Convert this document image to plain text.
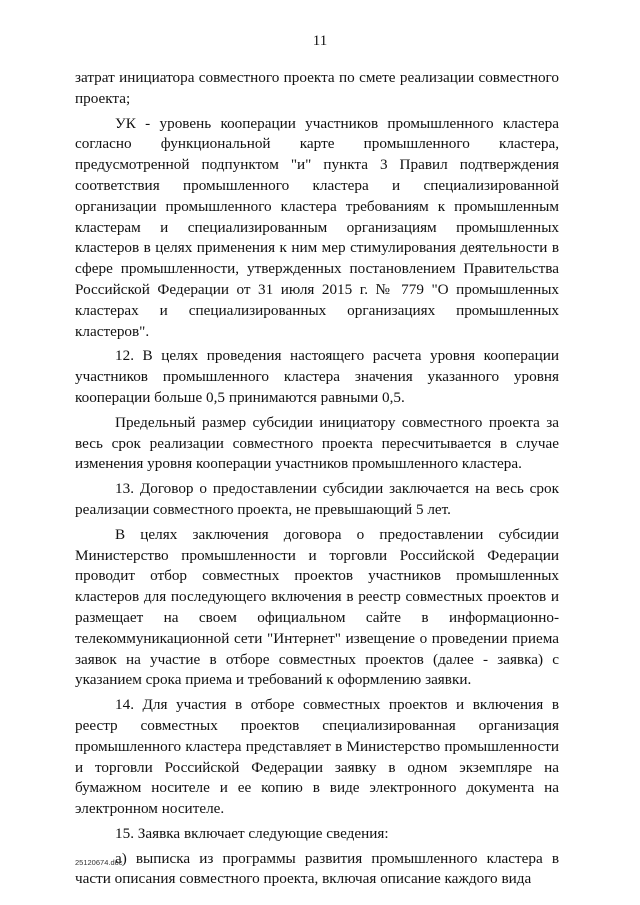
11

затрат инициатора совместного проекта по смете реализации совместного проекта;

УК - уровень кооперации участников промышленного кластера согласно функциональной карте промышленного кластера, предусмотренной подпунктом "и" пункта 3 Правил подтверждения соответствия промышленного кластера и специализированной организации промышленного кластера требованиям к промышленным кластерам и специализированным организациям промышленных кластеров в целях применения к ним мер стимулирования деятельности в сфере промышленности, утвержденных постановлением Правительства Российской Федерации от 31 июля 2015 г. № 779 "О промышленных кластерах и специализированных организациях промышленных кластеров".

12. В целях проведения настоящего расчета уровня кооперации участников промышленного кластера значения указанного уровня кооперации больше 0,5 принимаются равными 0,5.

Предельный размер субсидии инициатору совместного проекта за весь срок реализации совместного проекта пересчитывается в случае изменения уровня кооперации участников промышленного кластера.

13. Договор о предоставлении субсидии заключается на весь срок реализации совместного проекта, не превышающий 5 лет.

В целях заключения договора о предоставлении субсидии Министерство промышленности и торговли Российской Федерации проводит отбор совместных проектов участников промышленных кластеров для последующего включения в реестр совместных проектов и размещает на своем официальном сайте в информационно-телекоммуникационной сети "Интернет" извещение о проведении приема заявок на участие в отборе совместных проектов (далее - заявка) с указанием срока приема и требований к оформлению заявки.

14. Для участия в отборе совместных проектов и включения в реестр совместных проектов специализированная организация промышленного кластера представляет в Министерство промышленности и торговли Российской Федерации заявку в одном экземпляре на бумажном носителе и ее копию в виде электронного документа на электронном носителе.

15. Заявка включает следующие сведения:

а) выписка из программы развития промышленного кластера в части описания совместного проекта, включая описание каждого вида

25120674.doc
